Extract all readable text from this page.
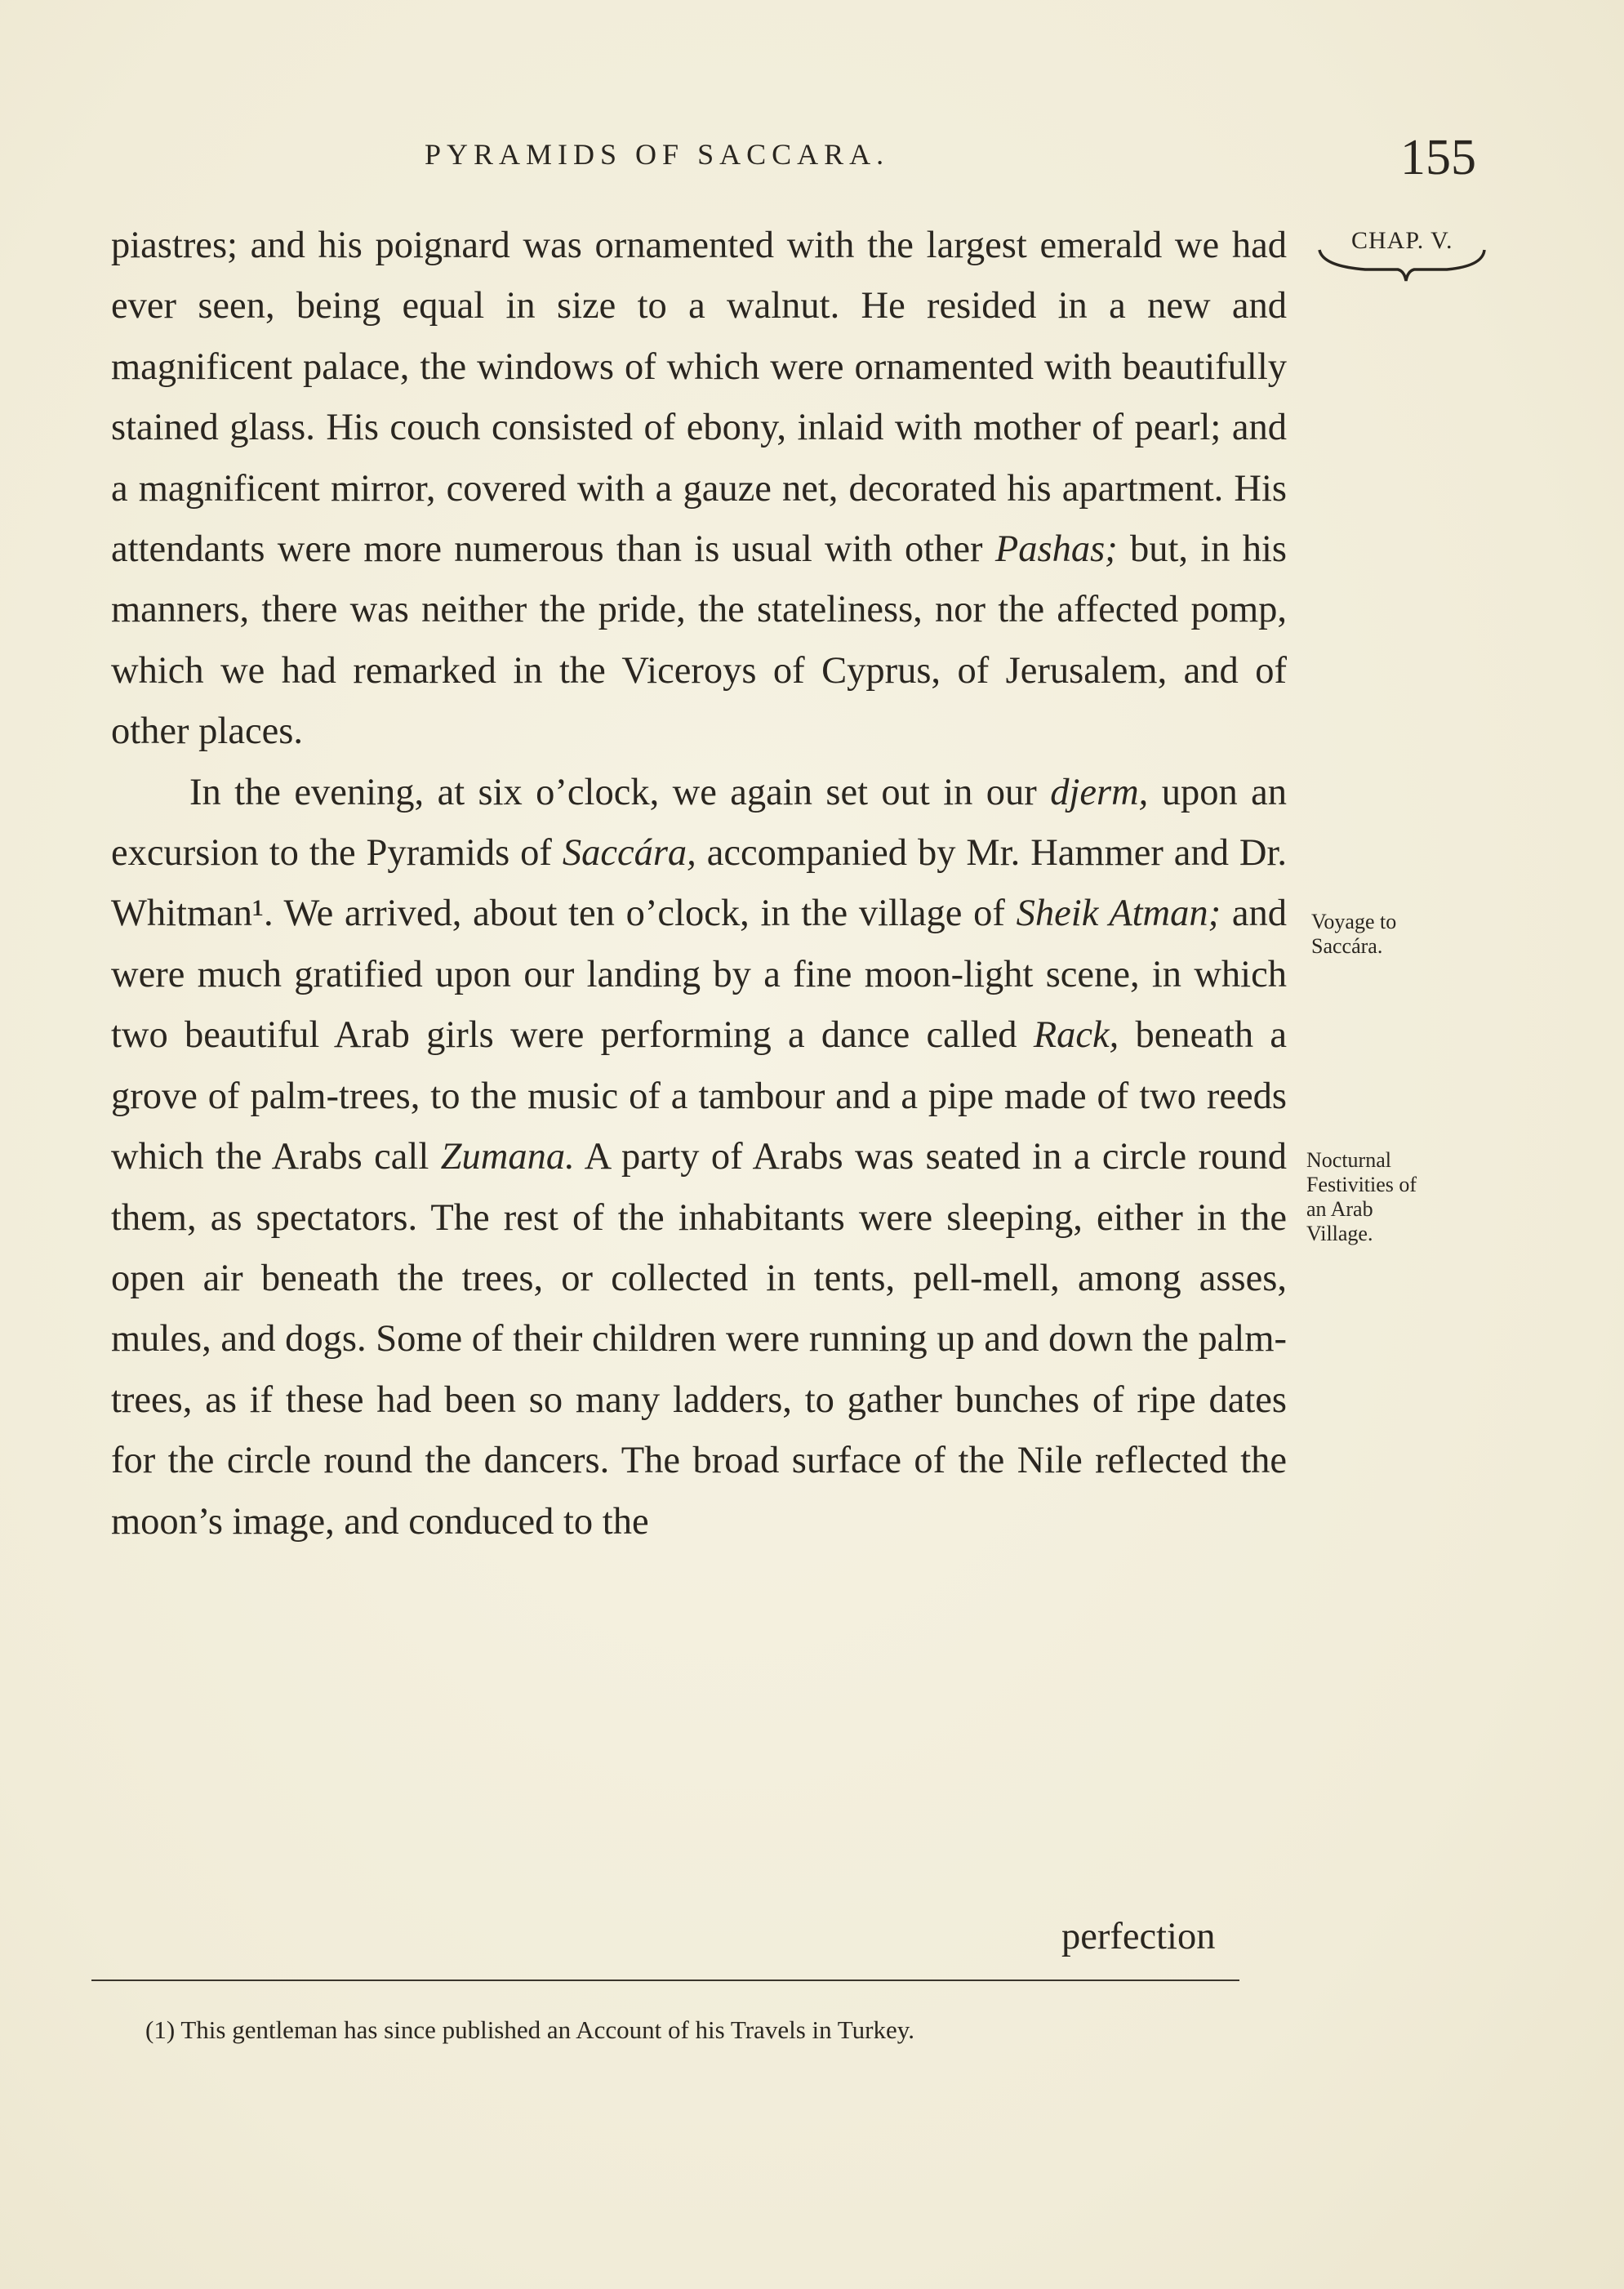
PYRAMIDS OF SACCARA.	155
CHAP. V.

piastres; and his poignard was ornamented with the largest emerald we had ever seen, being equal in size to a walnut. He resided in a new and magnificent palace, the windows of which were ornamented with beautifully stained glass. His couch consisted of ebony, inlaid with mother of pearl; and a magnificent mirror, covered with a gauze net, decorated his apartment. His attendants were more numerous than is usual with other Pashas; but, in his manners, there was neither the pride, the stateliness, nor the affected pomp, which we had remarked in the Viceroys of Cyprus, of Jerusalem, and of other places.

In the evening, at six o’clock, we again set out in our djerm, upon an excursion to the Pyramids of Saccára, accompanied by Mr. Hammer and Dr. Whitman¹. We arrived, about ten o’clock, in the village of Sheik Atman; and were much gratified upon our landing by a fine moon-light scene, in which two beautiful Arab girls were performing a dance called Rack, beneath a grove of palm-trees, to the music of a tambour and a pipe made of two reeds which the Arabs call Zumana. A party of Arabs was seated in a circle round them, as spectators. The rest of the inhabitants were sleeping, either in the open air beneath the trees, or collected in tents, pell-mell, among asses, mules, and dogs. Some of their children were running up and down the palm-trees, as if these had been so many ladders, to gather bunches of ripe dates for the circle round the dancers. The broad surface of the Nile reflected the moon’s image, and conduced to the

perfection
Voyage to
Saccára.
Nocturnal
Festivities of
an Arab
Village.
(1) This gentleman has since published an Account of his Travels in Turkey.
